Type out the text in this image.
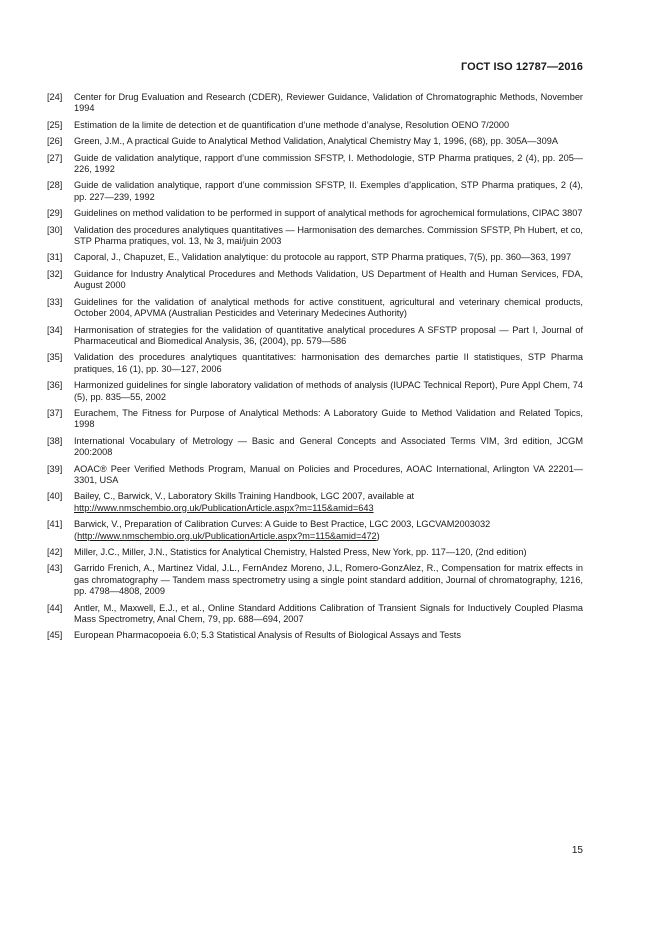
ГОСТ ISO 12787—2016
[24]	Center for Drug Evaluation and Research (CDER), Reviewer Guidance, Validation of Chromatographic Methods, November 1994
[25]	Estimation de la limite de detection et de quantification d’une methode d’analyse, Resolution OENO 7/2000
[26]	Green, J.M., A practical Guide to Analytical Method Validation, Analytical Chemistry May 1, 1996, (68), pp. 305A—309A
[27]	Guide de validation analytique, rapport d’une commission SFSTP, I. Methodologie, STP Pharma pratiques, 2 (4), pp. 205—226, 1992
[28]	Guide de validation analytique, rapport d’une commission SFSTP, II. Exemples d’application, STP Pharma pratiques, 2 (4), pp. 227—239, 1992
[29]	Guidelines on method validation to be performed in support of analytical methods for agrochemical formulations, CIPAC 3807
[30]	Validation des procedures analytiques quantitatives — Harmonisation des demarches. Commission SFSTP, Ph Hubert, et co, STP Pharma pratiques, vol. 13, № 3, mai/juin 2003
[31]	Caporal, J., Chapuzet, E., Validation analytique: du protocole au rapport, STP Pharma pratiques, 7(5), pp. 360—363, 1997
[32]	Guidance for Industry Analytical Procedures and Methods Validation, US Department of Health and Human Services, FDA, August 2000
[33]	Guidelines for the validation of analytical methods for active constituent, agricultural and veterinary chemical products, October 2004, APVMA (Australian Pesticides and Veterinary Medecines Authority)
[34]	Harmonisation of strategies for the validation of quantitative analytical procedures A SFSTP proposal — Part I, Journal of Pharmaceutical and Biomedical Analysis, 36, (2004), pp. 579—586
[35]	Validation des procedures analytiques quantitatives: harmonisation des demarches partie II statistiques, STP Pharma pratiques, 16 (1), pp. 30—127, 2006
[36]	Harmonized guidelines for single laboratory validation of methods of analysis (IUPAC Technical Report), Pure Appl Chem, 74 (5), pp. 835—55, 2002
[37]	Eurachem, The Fitness for Purpose of Analytical Methods: A Laboratory Guide to Method Validation and Related Topics, 1998
[38]	International Vocabulary of Metrology — Basic and General Concepts and Associated Terms VIM, 3rd edition, JCGM 200:2008
[39]	AOAC® Peer Verified Methods Program, Manual on Policies and Procedures, AOAC International, Arlington VA 22201—3301, USA
[40]	Bailey, C., Barwick, V., Laboratory Skills Training Handbook, LGC 2007, available at
http://www.nmschembio.org.uk/PublicationArticle.aspx?m=115&amid=643
[41]	Barwick, V., Preparation of Calibration Curves: A Guide to Best Practice, LGC 2003, LGCVAM2003032
(http://www.nmschembio.org.uk/PublicationArticle.aspx?m=115&amid=472)
[42]	Miller, J.C., Miller, J.N., Statistics for Analytical Chemistry, Halsted Press, New York, pp. 117—120, (2nd edition)
[43]	Garrido Frenich, A., Martinez Vidal, J.L., FernAndez Moreno, J.L, Romero-GonzAlez, R., Compensation for matrix effects in gas chromatography — Tandem mass spectrometry using a single point standard addition, Journal of chromatography, 1216, pp. 4798—4808, 2009
[44]	Antler, M., Maxwell, E.J., et al., Online Standard Additions Calibration of Transient Signals for Inductively Coupled Plasma Mass Spectrometry, Anal Chem, 79, pp. 688—694, 2007
[45]	European Pharmacopoeia 6.0; 5.3 Statistical Analysis of Results of Biological Assays and Tests
15
